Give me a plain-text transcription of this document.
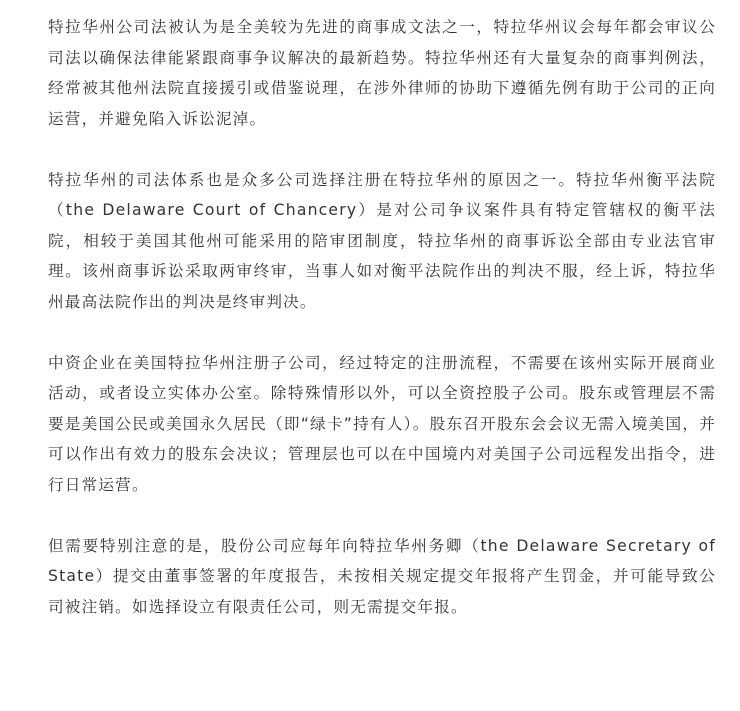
特拉华州公司法被认为是全美较为先进的商事成文法之一，特拉华州议会每年都会审议公司法以确保法律能紧跟商事争议解决的最新趋势。特拉华州还有大量复杂的商事判例法，经常被其他州法院直接援引或借鉴说理，在涉外律师的协助下遵循先例有助于公司的正向运营，并避免陷入诉讼泥淖。

特拉华州的司法体系也是众多公司选择注册在特拉华州的原因之一。特拉华州衡平法院（the Delaware Court of Chancery）是对公司争议案件具有特定管辖权的衡平法院，相较于美国其他州可能采用的陪审团制度，特拉华州的商事诉讼全部由专业法官审理。该州商事诉讼采取两审终审，当事人如对衡平法院作出的判决不服，经上诉，特拉华州最高法院作出的判决是终审判决。

中资企业在美国特拉华州注册子公司，经过特定的注册流程，不需要在该州实际开展商业活动，或者设立实体办公室。除特殊情形以外，可以全资控股子公司。股东或管理层不需要是美国公民或美国永久居民（即“绿卡”持有人）。股东召开股东会会议无需入境美国，并可以作出有效力的股东会决议；管理层也可以在中国境内对美国子公司远程发出指令，进行日常运营。

但需要特别注意的是，股份公司应每年向特拉华州务卿（the Delaware Secretary of State）提交由董事签署的年度报告，未按相关规定提交年报将产生罚金，并可能导致公司被注销。如选择设立有限责任公司，则无需提交年报。
